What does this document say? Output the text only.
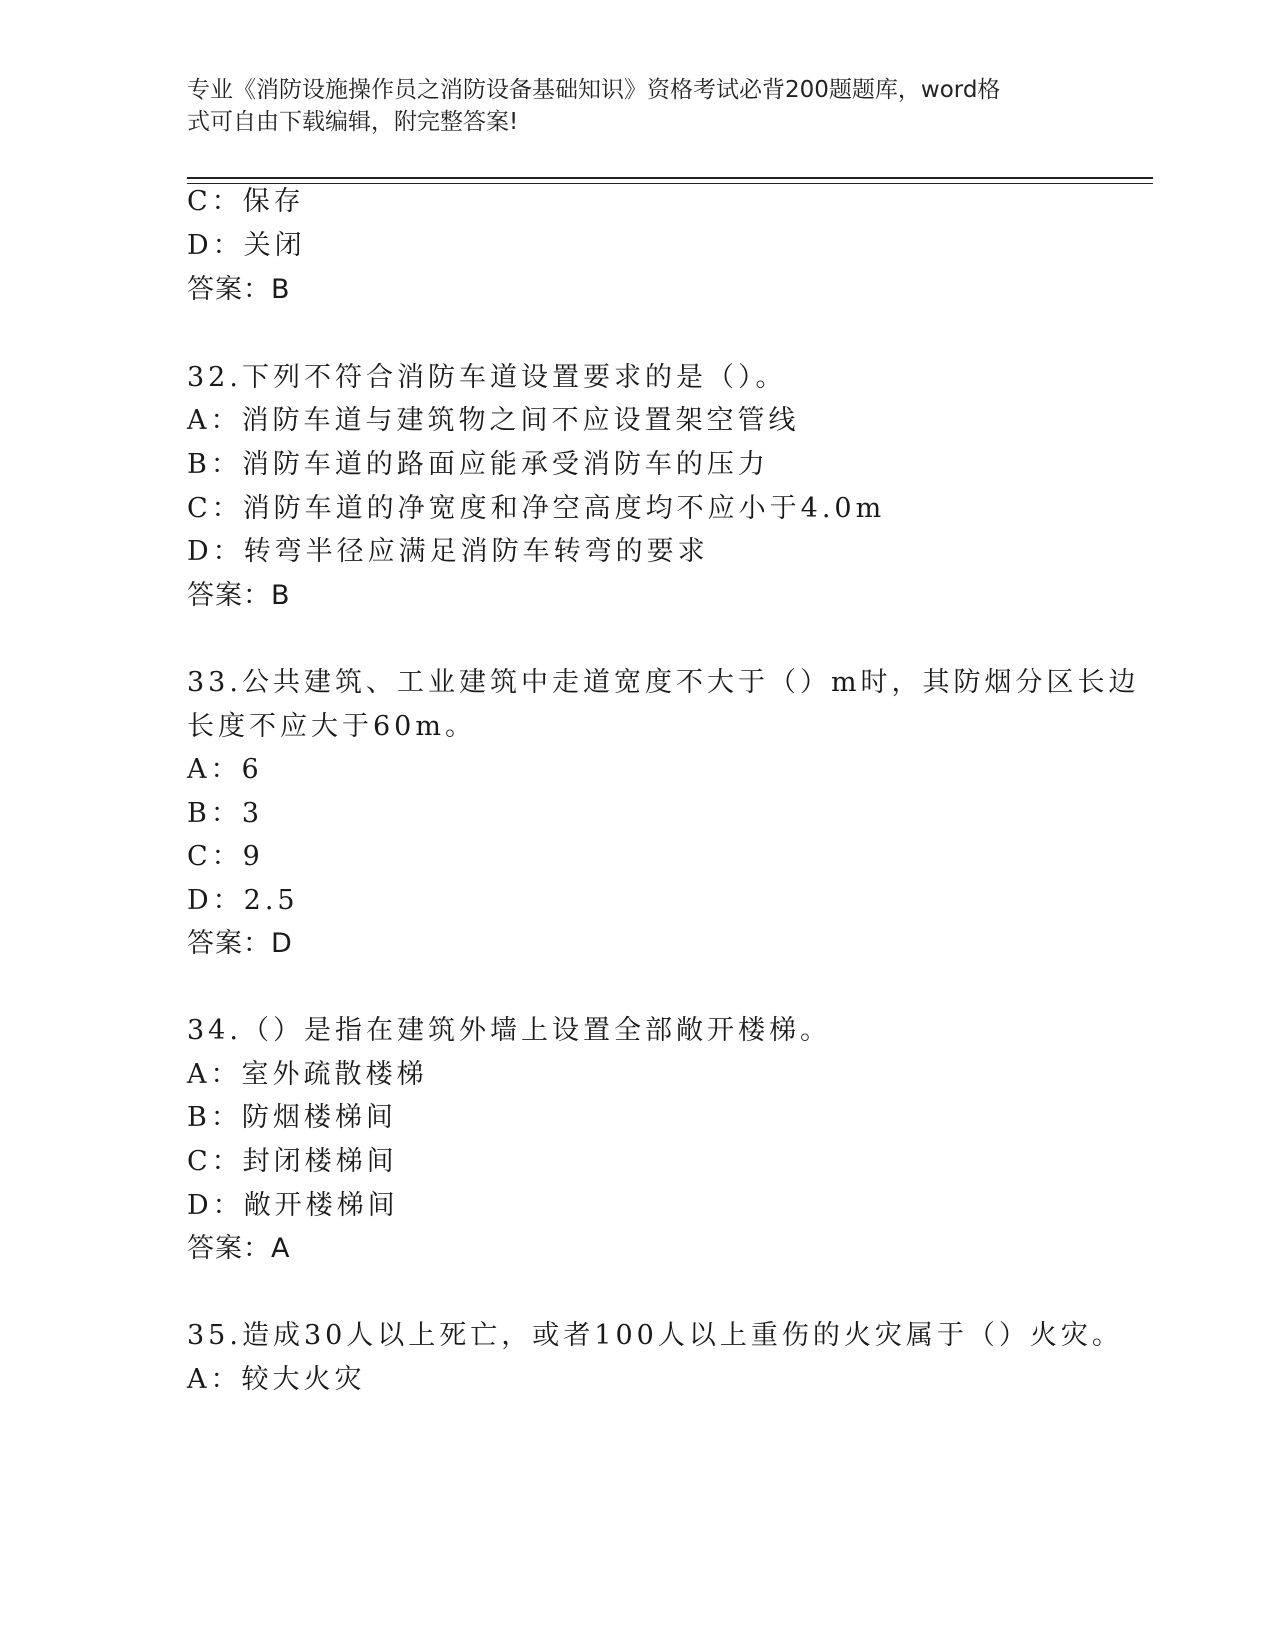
专业《消防设施操作员之消防设备基础知识》资格考试必背200题题库，word格
式可自由下载编辑，附完整答案!
C：保存
D：关闭
答案：B
32.下列不符合消防车道设置要求的是（）。
A：消防车道与建筑物之间不应设置架空管线
B：消防车道的路面应能承受消防车的压力
C：消防车道的净宽度和净空高度均不应小于4.0m
D：转弯半径应满足消防车转弯的要求
答案：B
33.公共建筑、工业建筑中走道宽度不大于（）m时，其防烟分区长边
长度不应大于60m。
A：6
B：3
C：9
D：2.5
答案：D
34.（）是指在建筑外墙上设置全部敞开楼梯。
A：室外疏散楼梯
B：防烟楼梯间
C：封闭楼梯间
D：敞开楼梯间
答案：A
35.造成30人以上死亡，或者100人以上重伤的火灾属于（）火灾。
A：较大火灾
